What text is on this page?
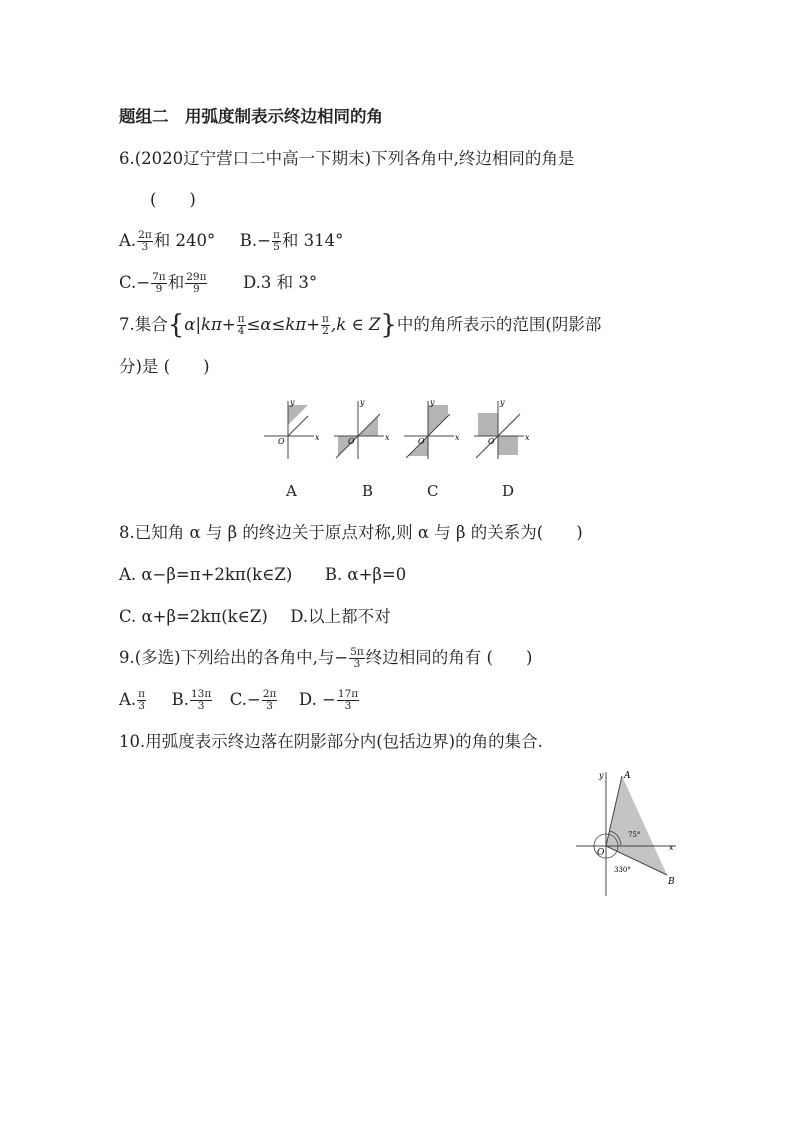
题组二　用弧度制表示终边相同的角
6.(2020辽宁营口二中高一下期末)下列各角中,终边相同的角是
(　　)
A. $\frac{2\pi}{3}$ 和 240° $B.- \frac{\pi}{5}$ 和 314°
$C.- \frac{7\pi}{9}$ 和 $\frac{29\pi}{9} D.3$ 和 3°
7.集合{$\alpha|k\pi+ \frac{\pi}{4} \le\alpha\le k\pi+ \frac{\pi}{2} ,k$ ∈ Z}中的角所表示的范围(阴影部
分)是 (　　)
O	x
y
O	x
y
O	x
y
O	x
y
A	B	C	D
8.已知角 α 与 β 的终边关于原点对称,则 α 与 β 的关系为(　　)
A. α−β=π+2kπ(k∈Z) B. α+β=0
C. α+β=2kπ(k∈Z) D.以上都不对
9.(多选)下列给出的各角中,与− $\frac{5\pi}{3}$ 终边相同的角有 (　　)
A. $\frac{\pi}{3} B$. $\frac{13\pi}{3} C.- \frac{2\pi}{3} D$. − $\frac{17\pi}{3}$
10.用弧度表示终边落在阴影部分内(包括边界)的角的集合.
A
B
O
x
y
75°
330°
